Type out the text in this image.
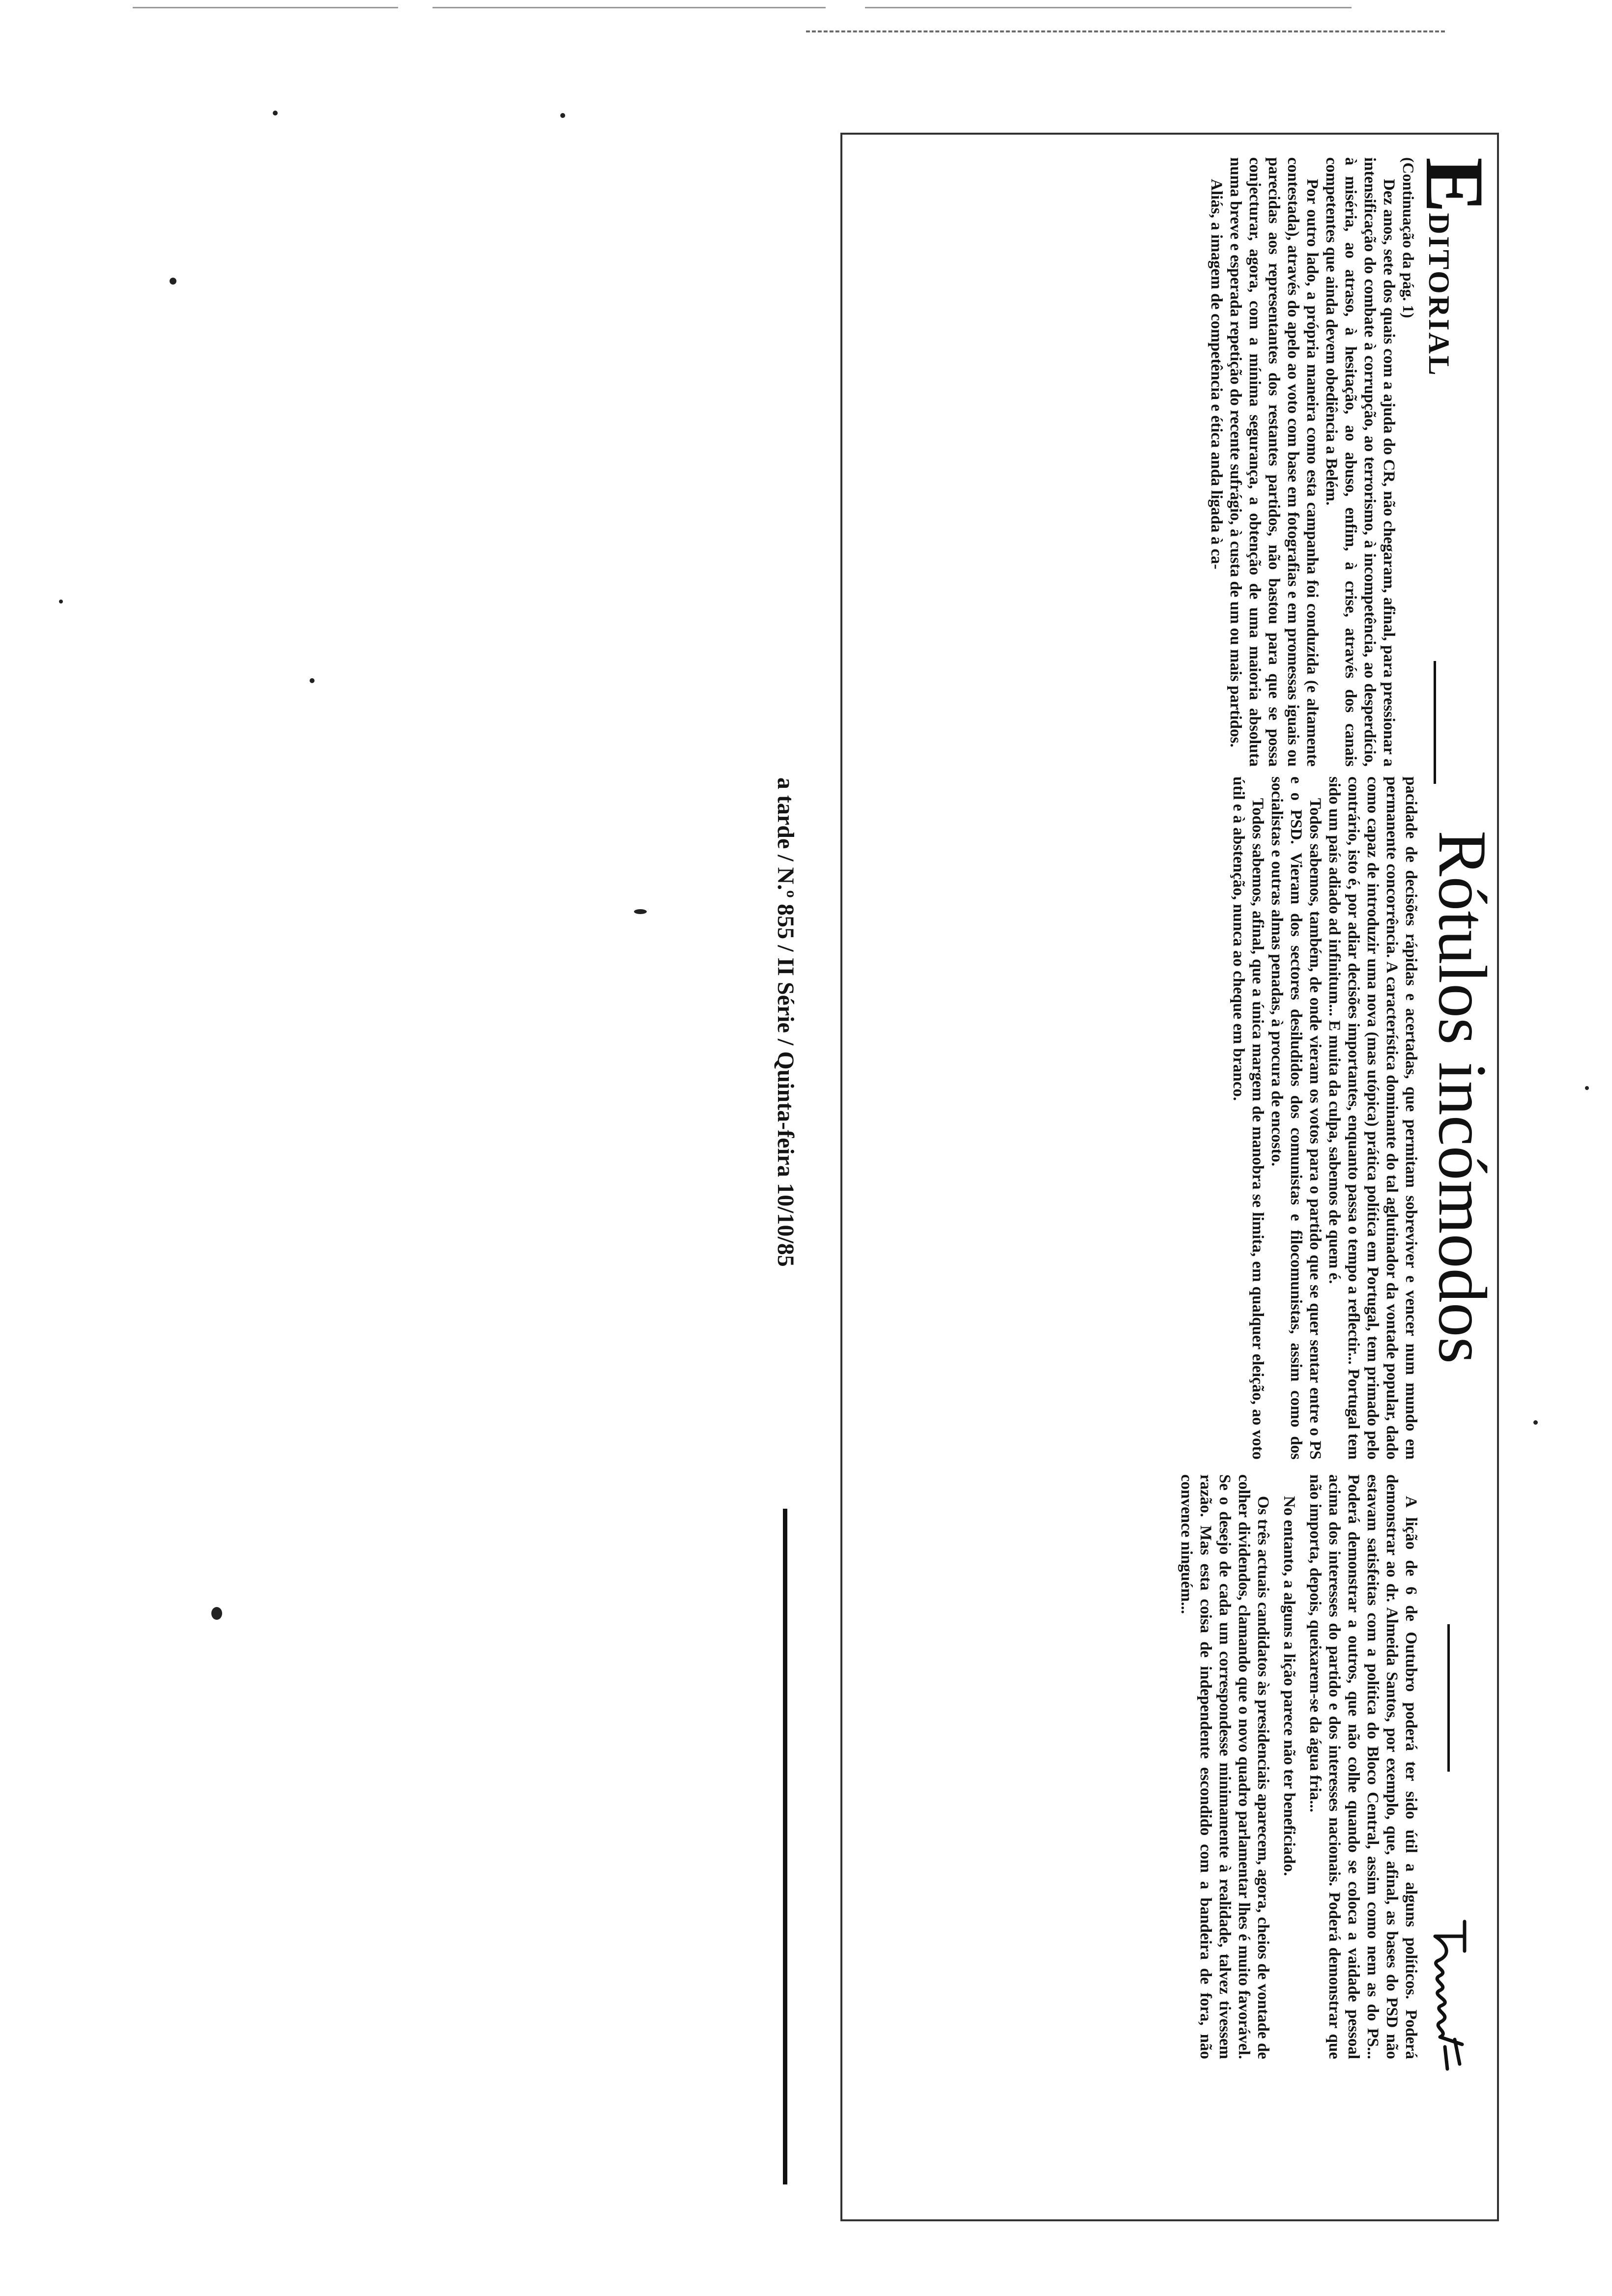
E
DITORIAL
(Continuação da pág. 1)

Dez anos, sete dos quais com a ajuda do CR, não chegaram, afinal, para pressionar a intensificação do combate à corrupção, ao terrorismo, à incompetência, ao desperdício, à miséria, ao atraso, à hesitação, ao abuso, enfim, à crise, através dos canais competentes que ainda devem obediência a Belém.

Por outro lado, a própria maneira como esta campanha foi conduzida (e altamente contestada), através do apelo ao voto com base em fotografias e em promessas iguais ou parecidas aos representantes dos restantes partidos, não bastou para que se possa conjecturar, agora, com a mínima segurança, a obtenção de uma maioria absoluta numa breve e esperada repetição do recente sufrágio, à custa de um ou mais partidos.

Aliás, a imagem de competência e ética anda ligada à ca-

Rótulos incómodos

pacidade de decisões rápidas e acertadas, que permitam sobreviver e vencer num mundo em permanente concorrência. A característica dominante do tal aglutinador da vontade popular, dado como capaz de introduzir uma nova (mas utópica) prática política em Portugal, tem primado pelo contrário, isto é, por adiar decisões importantes, enquanto passa o tempo a reflectir... Portugal tem sido um país adiado ad infinitum... E muita da culpa, sabemos de quem é.

Todos sabemos, também, de onde vieram os votos para o partido que se quer sentar entre o PS e o PSD. Vieram dos sectores desiludidos dos comunistas e filocomunistas, assim como dos socialistas e outras almas penadas, à procura de encosto.

Todos sabemos, afinal, que a única margem de manobra se limita, em qualquer eleição, ao voto útil e à abstenção, nunca ao cheque em branco.

A lição de 6 de Outubro poderá ter sido útil a alguns políticos. Poderá demonstrar ao dr. Almeida Santos, por exemplo, que, afinal, as bases do PSD não estavam satisfeitas com a política do Bloco Central, assim como nem as do PS... Poderá demonstrar a outros, que não colhe quando se coloca a vaidade pessoal acima dos interesses do partido e dos interesses nacionais. Poderá demonstrar que não importa, depois, queixarem-se da água fria...

No entanto, a alguns a lição parece não ter beneficiado.

Os três actuais candidatos às presidenciais aparecem, agora, cheios de vontade de colher dividendos, clamando que o novo quadro parlamentar lhes é muito favorável. Se o desejo de cada um correspondesse minimamente à realidade, talvez tivessem razão. Mas esta coisa de independente escondido com a bandeira de fora, não convence ninguém...

a tarde / N.º 855 / II Série / Quinta-feira 10/10/85
